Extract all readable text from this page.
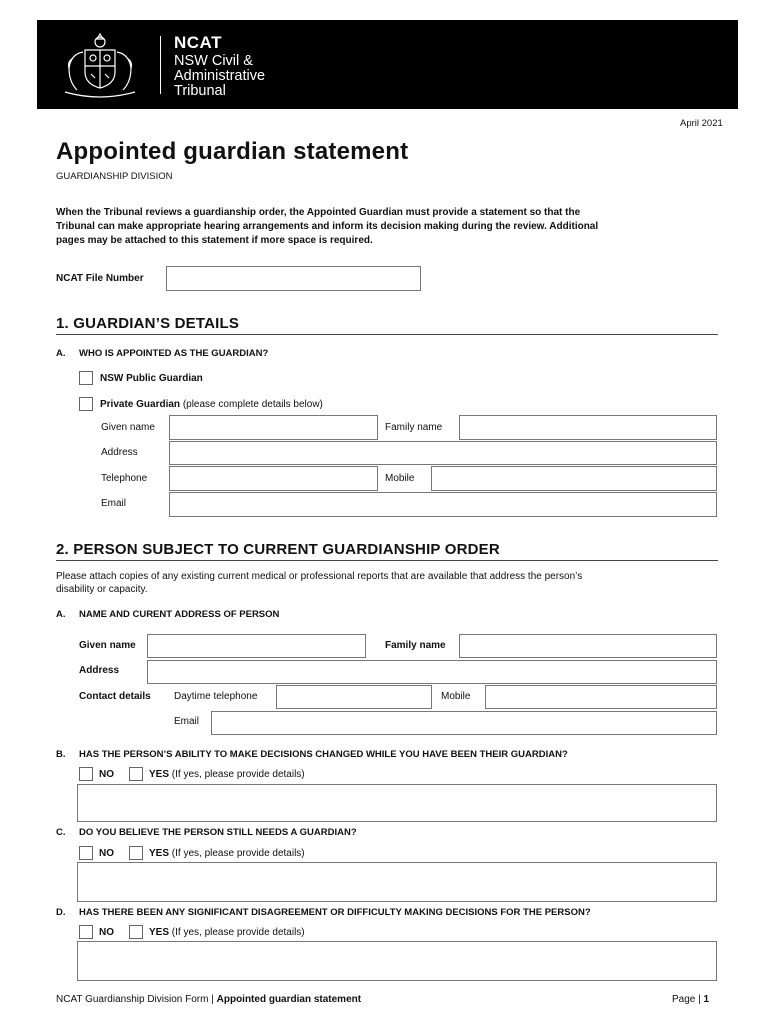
NCAT
NSW Civil &
Administrative
Tribunal
April 2021
Appointed guardian statement
GUARDIANSHIP DIVISION
When the Tribunal reviews a guardianship order, the Appointed Guardian must provide a statement so that the
Tribunal can make appropriate hearing arrangements and inform its decision making during the review. Additional
pages may be attached to this statement if more space is required.
NCAT File Number
1. GUARDIAN’S DETAILS
A. WHO IS APPOINTED AS THE GUARDIAN?
NSW Public Guardian
Private Guardian (please complete details below)
Given name	Family name
Address
Telephone	Mobile
Email
2. PERSON SUBJECT TO CURRENT GUARDIANSHIP ORDER
Please attach copies of any existing current medical or professional reports that are available that address the person’s
disability or capacity.
A. NAME AND CURENT ADDRESS OF PERSON
Given name	Family name
Address
Contact details Daytime telephone	Mobile
Email
B. HAS THE PERSON’S ABILITY TO MAKE DECISIONS CHANGED WHILE YOU HAVE BEEN THEIR GUARDIAN?
NO	YES (If yes, please provide details)
C. DO YOU BELIEVE THE PERSON STILL NEEDS A GUARDIAN?
NO	YES (If yes, please provide details)
D. HAS THERE BEEN ANY SIGNIFICANT DISAGREEMENT OR DIFFICULTY MAKING DECISIONS FOR THE PERSON?
NO	YES (If yes, please provide details)
NCAT Guardianship Division Form | Appointed guardian statement	Page | 1
